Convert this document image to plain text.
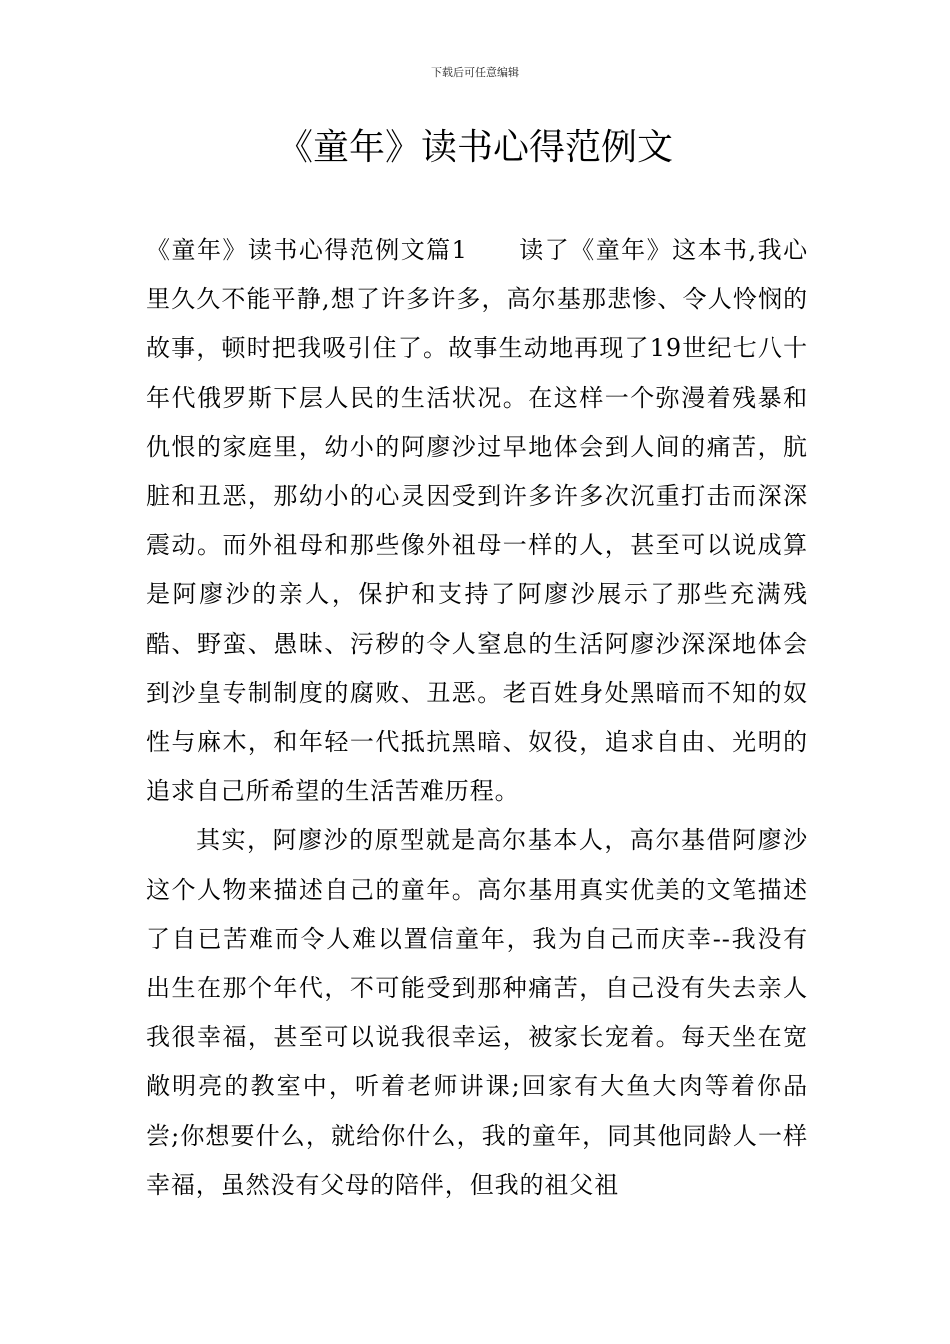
下载后可任意编辑
《童年》读书心得范例文

《童年》读书心得范例文篇1　　读了《童年》这本书,我心里久久不能平静,想了许多许多，高尔基那悲惨、令人怜悯的故事，顿时把我吸引住了。故事生动地再现了19世纪七八十年代俄罗斯下层人民的生活状况。在这样一个弥漫着残暴和仇恨的家庭里，幼小的阿廖沙过早地体会到人间的痛苦，肮脏和丑恶，那幼小的心灵因受到许多许多次沉重打击而深深震动。而外祖母和那些像外祖母一样的人，甚至可以说成算是阿廖沙的亲人，保护和支持了阿廖沙展示了那些充满残酷、野蛮、愚昧、污秽的令人窒息的生活阿廖沙深深地体会到沙皇专制制度的腐败、丑恶。老百姓身处黑暗而不知的奴性与麻木，和年轻一代抵抗黑暗、奴役，追求自由、光明的追求自己所希望的生活苦难历程。

其实，阿廖沙的原型就是高尔基本人，高尔基借阿廖沙这个人物来描述自己的童年。高尔基用真实优美的文笔描述了自已苦难而令人难以置信童年，我为自己而庆幸--我没有出生在那个年代，不可能受到那种痛苦，自己没有失去亲人我很幸福，甚至可以说我很幸运，被家长宠着。每天坐在宽敞明亮的教室中，听着老师讲课;回家有大鱼大肉等着你品尝;你想要什么，就给你什么，我的童年，同其他同龄人一样幸福，虽然没有父母的陪伴，但我的祖父祖
